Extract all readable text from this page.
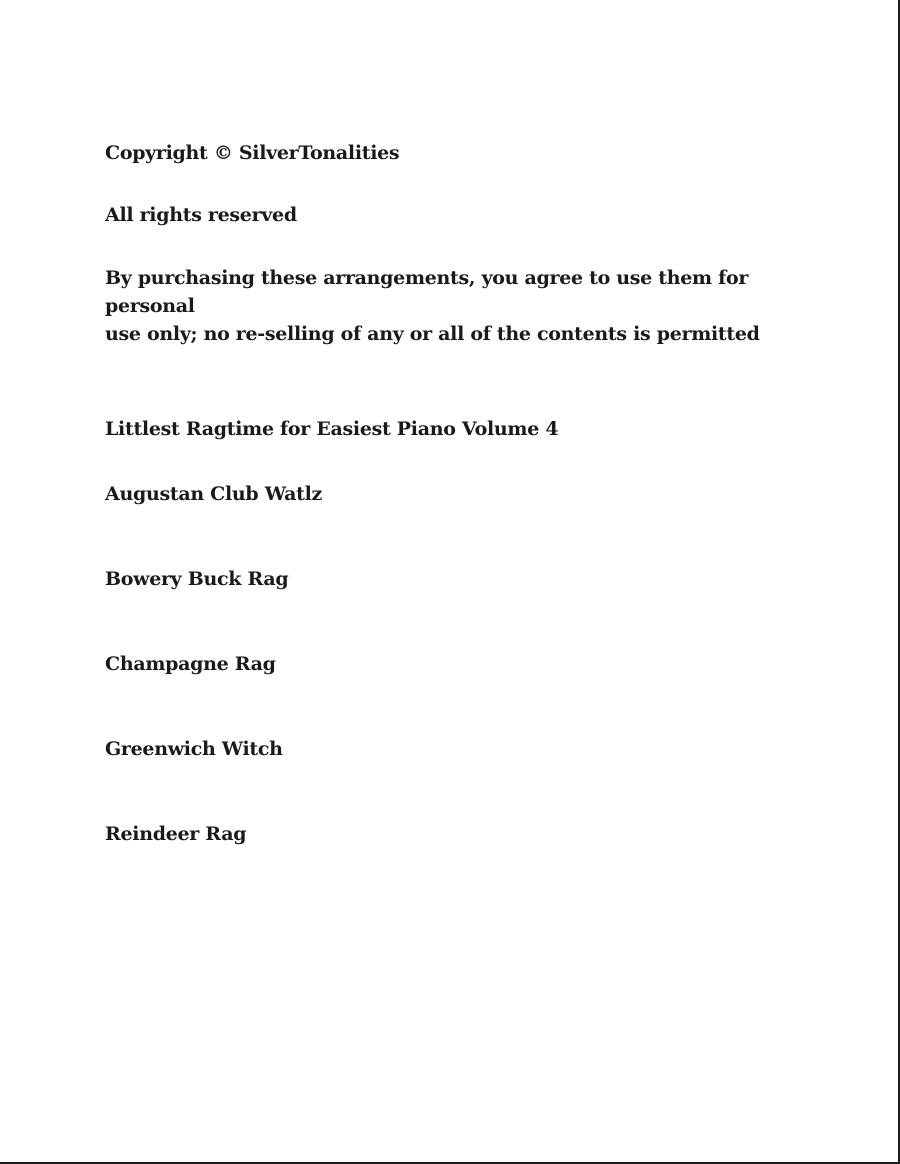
Copyright © SilverTonalities
All rights reserved
By purchasing these arrangements, you agree to use them for personal
use only; no re-selling of any or all of the contents is permitted
Littlest Ragtime for Easiest Piano Volume 4
Augustan Club Watlz
Bowery Buck Rag
Champagne Rag
Greenwich Witch
Reindeer Rag
